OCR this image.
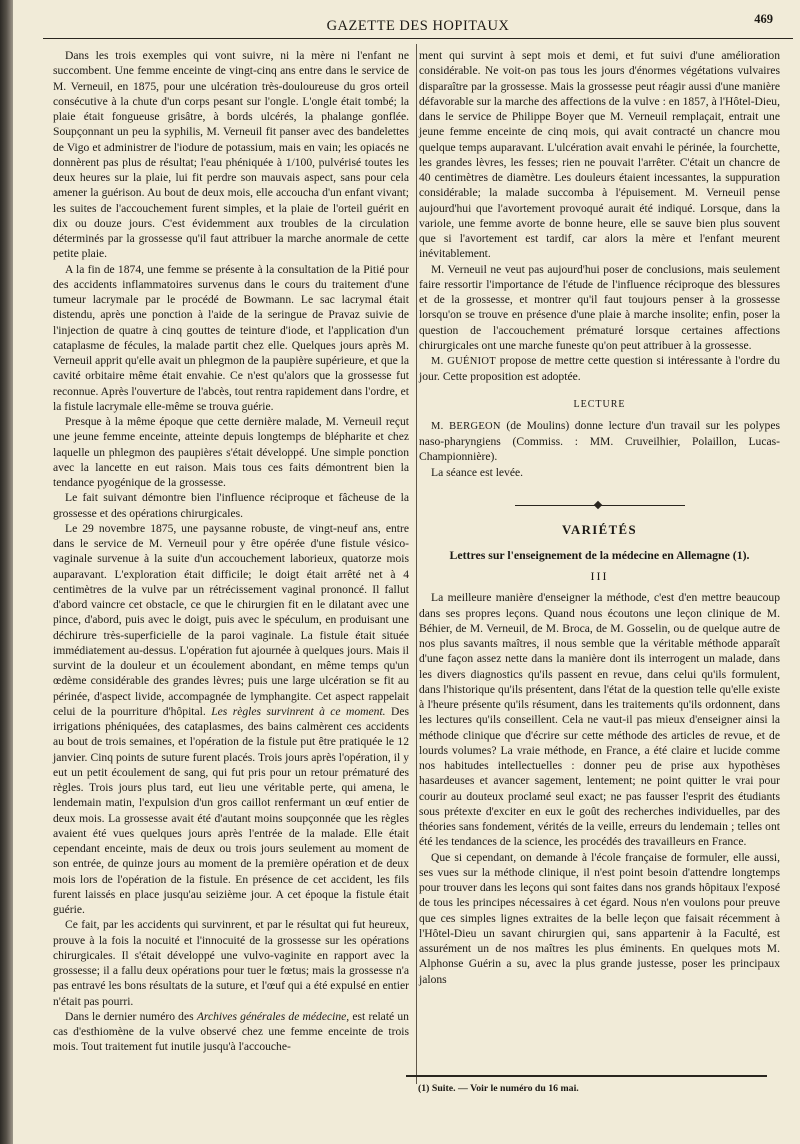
GAZETTE DES HOPITAUX	469

Dans les trois exemples qui vont suivre, ni la mère ni l'enfant ne succombent. Une femme enceinte de vingt-cinq ans entre dans le service de M. Verneuil, en 1875, pour une ulcération très-douloureuse du gros orteil consécutive à la chute d'un corps pesant sur l'ongle. L'ongle était tombé; la plaie était fongueuse grisâtre, à bords ulcérés, la phalange gonflée. Soupçonnant un peu la syphilis, M. Verneuil fit panser avec des bandelettes de Vigo et administrer de l'iodure de potassium, mais en vain; les opiacés ne donnèrent pas plus de résultat; l'eau phéniquée à 1/100, pulvérisé toutes les deux heures sur la plaie, lui fit perdre son mauvais aspect, sans pour cela amener la guérison. Au bout de deux mois, elle accoucha d'un enfant vivant; les suites de l'accouchement furent simples, et la plaie de l'orteil guérit en dix ou douze jours. C'est évidemment aux troubles de la circulation déterminés par la grossesse qu'il faut attribuer la marche anormale de cette petite plaie.

A la fin de 1874, une femme se présente à la consultation de la Pitié pour des accidents inflammatoires survenus dans le cours du traitement d'une tumeur lacrymale par le procédé de Bowmann. Le sac lacrymal était distendu, après une ponction à l'aide de la seringue de Pravaz suivie de l'injection de quatre à cinq gouttes de teinture d'iode, et l'application d'un cataplasme de fécules, la malade partit chez elle. Quelques jours après M. Verneuil apprit qu'elle avait un phlegmon de la paupière supérieure, et que la cavité orbitaire même était envahie. Ce n'est qu'alors que la grossesse fut reconnue. Après l'ouverture de l'abcès, tout rentra rapidement dans l'ordre, et la fistule lacrymale elle-même se trouva guérie.

Presque à la même époque que cette dernière malade, M. Verneuil reçut une jeune femme enceinte, atteinte depuis longtemps de blépharite et chez laquelle un phlegmon des paupières s'était développé. Une simple ponction avec la lancette en eut raison. Mais tous ces faits démontrent bien la tendance pyogénique de la grossesse.

Le fait suivant démontre bien l'influence réciproque et fâcheuse de la grossesse et des opérations chirurgicales.

Le 29 novembre 1875, une paysanne robuste, de vingt-neuf ans, entre dans le service de M. Verneuil pour y être opérée d'une fistule vésico-vaginale survenue à la suite d'un accouchement laborieux, quatorze mois auparavant. L'exploration était difficile; le doigt était arrêté net à 4 centimètres de la vulve par un rétrécissement vaginal prononcé. Il fallut d'abord vaincre cet obstacle, ce que le chirurgien fit en le dilatant avec une pince, d'abord, puis avec le doigt, puis avec le spéculum, en produisant une déchirure très-superficielle de la paroi vaginale. La fistule était située immédiatement au-dessus. L'opération fut ajournée à quelques jours. Mais il survint de la douleur et un écoulement abondant, en même temps qu'un œdème considérable des grandes lèvres; puis une large ulcération se fit au périnée, d'aspect livide, accompagnée de lymphangite. Cet aspect rappelait celui de la pourriture d'hôpital. Les règles survinrent à ce moment. Des irrigations phéniquées, des cataplasmes, des bains calmèrent ces accidents au bout de trois semaines, et l'opération de la fistule put être pratiquée le 12 janvier. Cinq points de suture furent placés. Trois jours après l'opération, il y eut un petit écoulement de sang, qui fut pris pour un retour prématuré des règles. Trois jours plus tard, eut lieu une véritable perte, qui amena, le lendemain matin, l'expulsion d'un gros caillot renfermant un œuf entier de deux mois. La grossesse avait été d'autant moins soupçonnée que les règles avaient été vues quelques jours après l'entrée de la malade. Elle était cependant enceinte, mais de deux ou trois jours seulement au moment de son entrée, de quinze jours au moment de la première opération et de deux mois lors de l'opération de la fistule. En présence de cet accident, les fils furent laissés en place jusqu'au seizième jour. A cet époque la fistule était guérie.

Ce fait, par les accidents qui survinrent, et par le résultat qui fut heureux, prouve à la fois la nocuité et l'innocuité de la grossesse sur les opérations chirurgicales. Il s'était développé une vulvo-vaginite en rapport avec la grossesse; il a fallu deux opérations pour tuer le fœtus; mais la grossesse n'a pas entravé les bons résultats de la suture, et l'œuf qui a été expulsé en entier n'était pas pourri.

Dans le dernier numéro des Archives générales de médecine, est relaté un cas d'esthiomène de la vulve observé chez une femme enceinte de trois mois. Tout traitement fut inutile jusqu'à l'accouche-

ment qui survint à sept mois et demi, et fut suivi d'une amélioration considérable. Ne voit-on pas tous les jours d'énormes végétations vulvaires disparaître par la grossesse. Mais la grossesse peut réagir aussi d'une manière défavorable sur la marche des affections de la vulve : en 1857, à l'Hôtel-Dieu, dans le service de Philippe Boyer que M. Verneuil remplaçait, entrait une jeune femme enceinte de cinq mois, qui avait contracté un chancre mou quelque temps auparavant. L'ulcération avait envahi le périnée, la fourchette, les grandes lèvres, les fesses; rien ne pouvait l'arrêter. C'était un chancre de 40 centimètres de diamètre. Les douleurs étaient incessantes, la suppuration considérable; la malade succomba à l'épuisement. M. Verneuil pense aujourd'hui que l'avortement provoqué aurait été indiqué. Lorsque, dans la variole, une femme avorte de bonne heure, elle se sauve bien plus souvent que si l'avortement est tardif, car alors la mère et l'enfant meurent inévitablement.

M. Verneuil ne veut pas aujourd'hui poser de conclusions, mais seulement faire ressortir l'importance de l'étude de l'influence réciproque des blessures et de la grossesse, et montrer qu'il faut toujours penser à la grossesse lorsqu'on se trouve en présence d'une plaie à marche insolite; enfin, poser la question de l'accouchement prématuré lorsque certaines affections chirurgicales ont une marche funeste qu'on peut attribuer à la grossesse.

M. GUÉNIOT propose de mettre cette question si intéressante à l'ordre du jour. Cette proposition est adoptée.

LECTURE

M. BERGEON (de Moulins) donne lecture d'un travail sur les polypes naso-pharyngiens (Commiss. : MM. Cruveilhier, Polaillon, Lucas-Championnière).

La séance est levée.

VARIÉTÉS
Lettres sur l'enseignement de la médecine en Allemagne (1).
III

La meilleure manière d'enseigner la méthode, c'est d'en mettre beaucoup dans ses propres leçons. Quand nous écoutons une leçon clinique de M. Béhier, de M. Verneuil, de M. Broca, de M. Gosselin, ou de quelque autre de nos plus savants maîtres, il nous semble que la véritable méthode apparaît d'une façon assez nette dans la manière dont ils interrogent un malade, dans les divers diagnostics qu'ils passent en revue, dans celui qu'ils formulent, dans l'historique qu'ils présentent, dans l'état de la question telle qu'elle existe à l'heure présente qu'ils résument, dans les traitements qu'ils ordonnent, dans les lectures qu'ils conseillent. Cela ne vaut-il pas mieux d'enseigner ainsi la méthode clinique que d'écrire sur cette méthode des articles de revue, et de lourds volumes? La vraie méthode, en France, a été claire et lucide comme nos habitudes intellectuelles : donner peu de prise aux hypothèses hasardeuses et avancer sagement, lentement; ne point quitter le vrai pour courir au douteux proclamé seul exact; ne pas fausser l'esprit des étudiants sous prétexte d'exciter en eux le goût des recherches individuelles, par des théories sans fondement, vérités de la veille, erreurs du lendemain ; telles ont été les tendances de la science, les procédés des travailleurs en France.

Que si cependant, on demande à l'école française de formuler, elle aussi, ses vues sur la méthode clinique, il n'est point besoin d'attendre longtemps pour trouver dans les leçons qui sont faites dans nos grands hôpitaux l'exposé de tous les principes nécessaires à cet égard. Nous n'en voulons pour preuve que ces simples lignes extraites de la belle leçon que faisait récemment à l'Hôtel-Dieu un savant chirurgien qui, sans appartenir à la Faculté, est assurément un de nos maîtres les plus éminents. En quelques mots M. Alphonse Guérin a su, avec la plus grande justesse, poser les principaux jalons

(1) Suite. — Voir le numéro du 16 mai.
